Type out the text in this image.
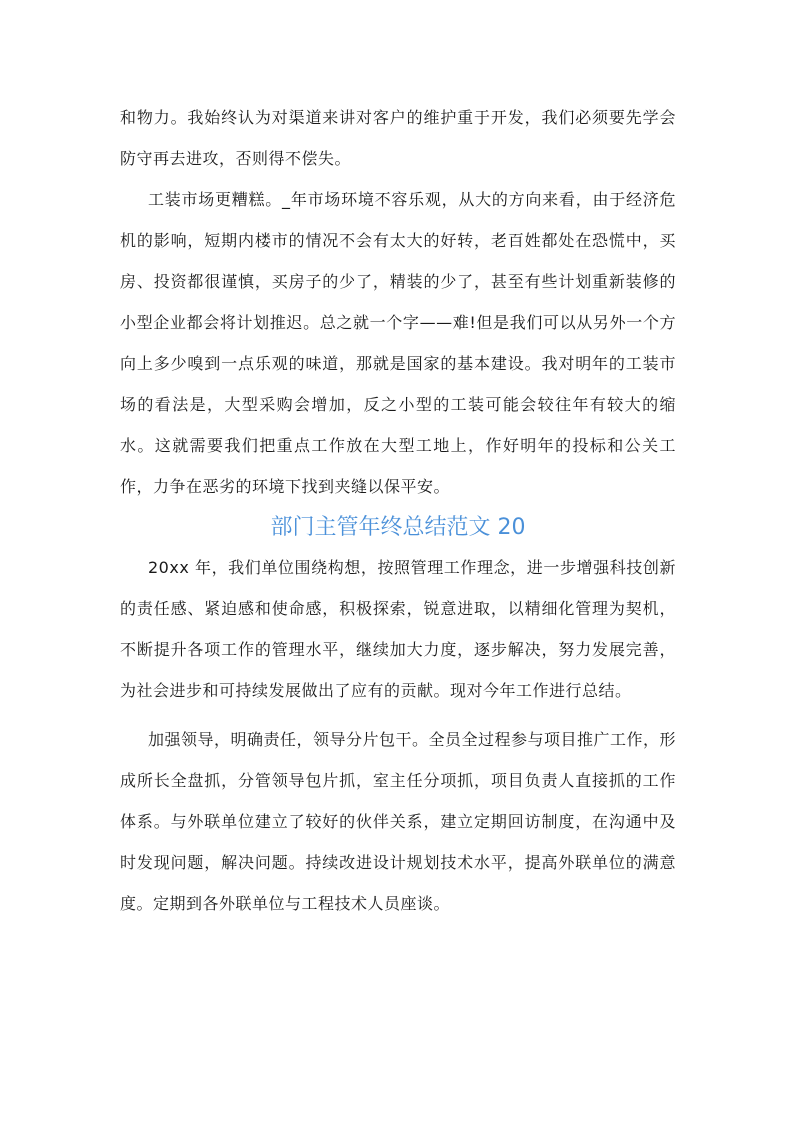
和物力。我始终认为对渠道来讲对客户的维护重于开发，我们必须要先学会防守再去进攻，否则得不偿失。

工装市场更糟糕。_年市场环境不容乐观，从大的方向来看，由于经济危机的影响，短期内楼市的情况不会有太大的好转，老百姓都处在恐慌中，买房、投资都很谨慎，买房子的少了，精装的少了，甚至有些计划重新装修的小型企业都会将计划推迟。总之就一个字——难!但是我们可以从另外一个方向上多少嗅到一点乐观的味道，那就是国家的基本建设。我对明年的工装市场的看法是，大型采购会增加，反之小型的工装可能会较往年有较大的缩水。这就需要我们把重点工作放在大型工地上，作好明年的投标和公关工作，力争在恶劣的环境下找到夹缝以保平安。

部门主管年终总结范文 20

20xx 年，我们单位围绕构想，按照管理工作理念，进一步增强科技创新的责任感、紧迫感和使命感，积极探索，锐意进取，以精细化管理为契机，不断提升各项工作的管理水平，继续加大力度，逐步解决，努力发展完善，为社会进步和可持续发展做出了应有的贡献。现对今年工作进行总结。

加强领导，明确责任，领导分片包干。全员全过程参与项目推广工作，形成所长全盘抓，分管领导包片抓，室主任分项抓，项目负责人直接抓的工作体系。与外联单位建立了较好的伙伴关系，建立定期回访制度，在沟通中及时发现问题，解决问题。持续改进设计规划技术水平，提高外联单位的满意度。定期到各外联单位与工程技术人员座谈。
